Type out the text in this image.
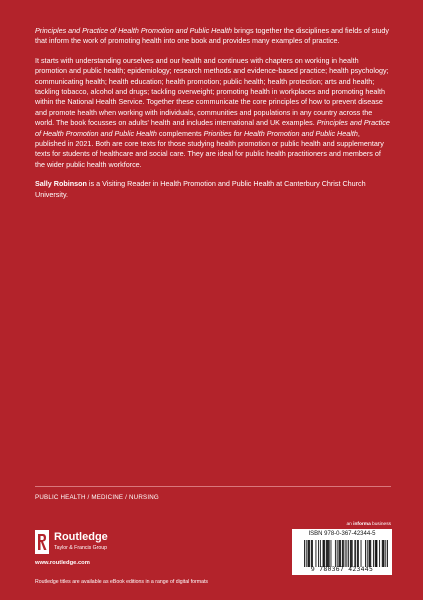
Principles and Practice of Health Promotion and Public Health brings together the disciplines and fields of study that inform the work of promoting health into one book and provides many examples of practice.

It starts with understanding ourselves and our health and continues with chapters on working in health promotion and public health; epidemiology; research methods and evidence-based practice; health psychology; communicating health; health education; health promotion; public health; health protection; arts and health; tackling tobacco, alcohol and drugs; tackling overweight; promoting health in workplaces and promoting health within the National Health Service. Together these communicate the core principles of how to prevent disease and promote health when working with individuals, communities and populations in any country across the world. The book focusses on adults' health and includes international and UK examples. Principles and Practice of Health Promotion and Public Health complements Priorities for Health Promotion and Public Health, published in 2021. Both are core texts for those studying health promotion or public health and supplementary texts for students of healthcare and social care. They are ideal for public health practitioners and members of the wider public health workforce.

Sally Robinson is a Visiting Reader in Health Promotion and Public Health at Canterbury Christ Church University.

PUBLIC HEALTH / MEDICINE / NURSING
Routledge
Taylor & Francis Group
www.routledge.com
Routledge titles are available as eBook editions in a range of digital formats
an informa business
ISBN 978-0-367-42344-5
9 780367 423445
